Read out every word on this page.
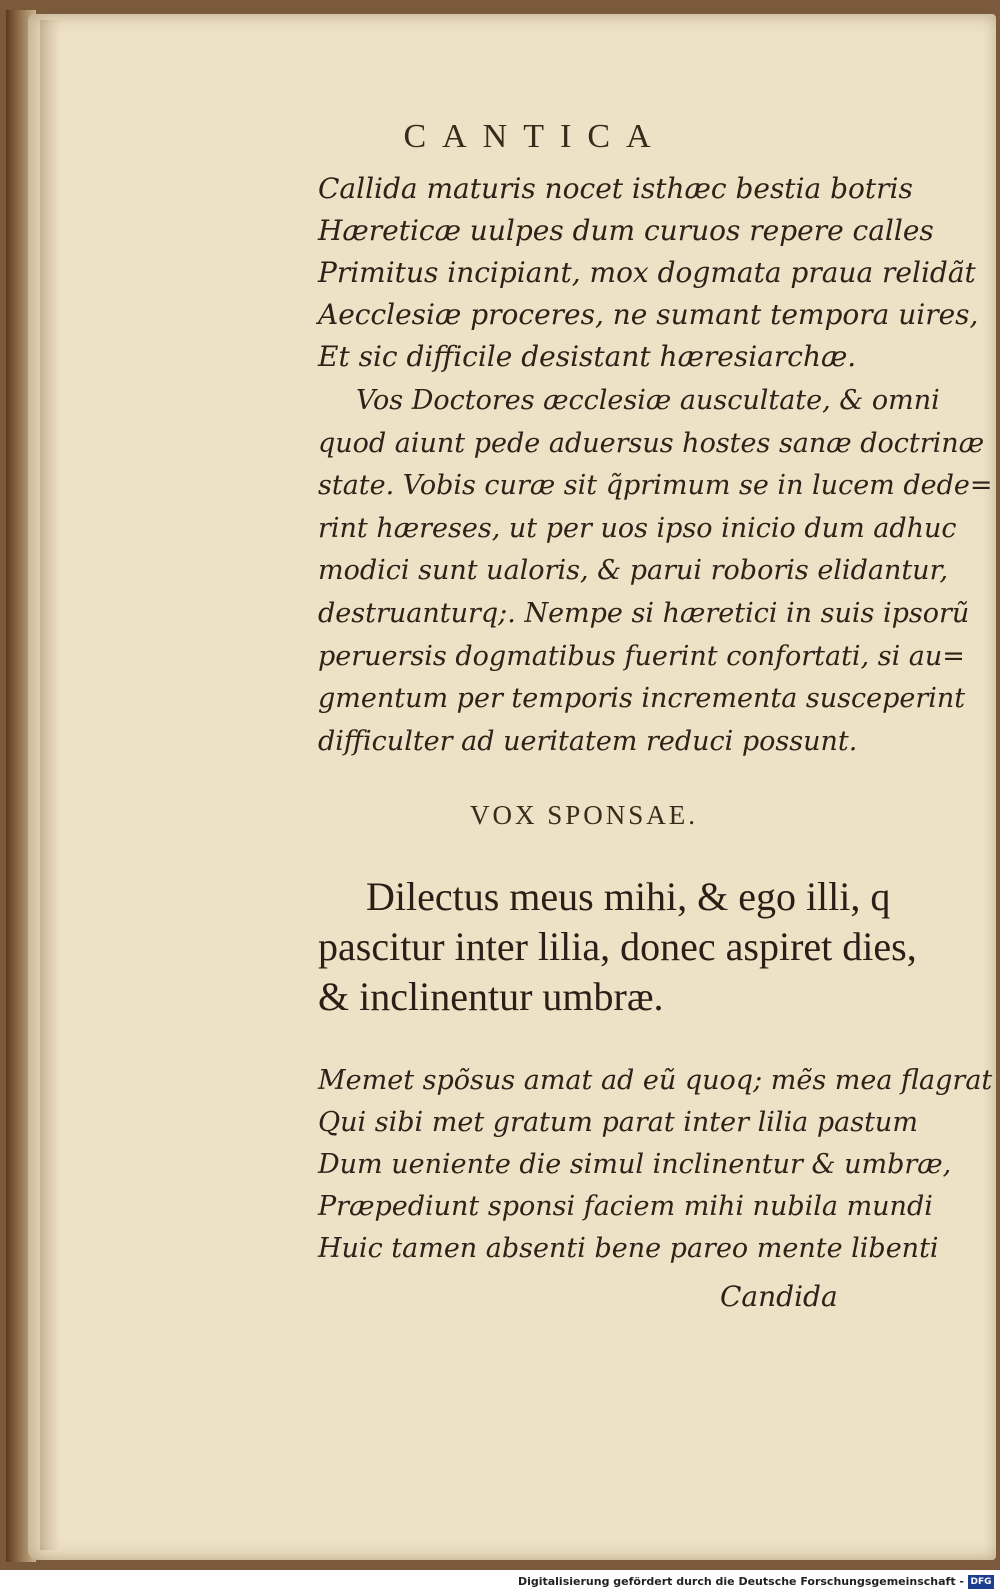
CANTICA
Callida maturis nocet isthæc bestia botris
Hæreticæ uulpes dum curuos repere calles
Primitus incipiant, mox dogmata praua relidãt
Aecclesiæ proceres, ne sumant tempora uires,
Et sic difficile desistant hæresiarchæ.
Vos Doctores æcclesiæ auscultate, & omni
quod aiunt pede aduersus hostes sanæ doctrinæ
state. Vobis curæ sit q̃primum se in lucem dede=
rint hæreses, ut per uos ipso inicio dum adhuc
modici sunt ualoris, & parui roboris elidantur,
destruanturq;. Nempe si hæretici in suis ipsorũ
peruersis dogmatibus fuerint confortati, si au=
gmentum per temporis incrementa susceperint
difficulter ad ueritatem reduci possunt.
VOX SPONSAE.
Dilectus meus mihi, & ego illi, q
pascitur inter lilia, donec aspiret dies,
& inclinentur umbræ.
Memet spõsus amat ad eũ quoq; mẽs mea flagrat
Qui sibi met gratum parat inter lilia pastum
Dum ueniente die simul inclinentur & umbræ,
Præpediunt sponsi faciem mihi nubila mundi
Huic tamen absenti bene pareo mente libenti
Candida
Digitalisierung gefördert durch die Deutsche Forschungsgemeinschaft - DFG
